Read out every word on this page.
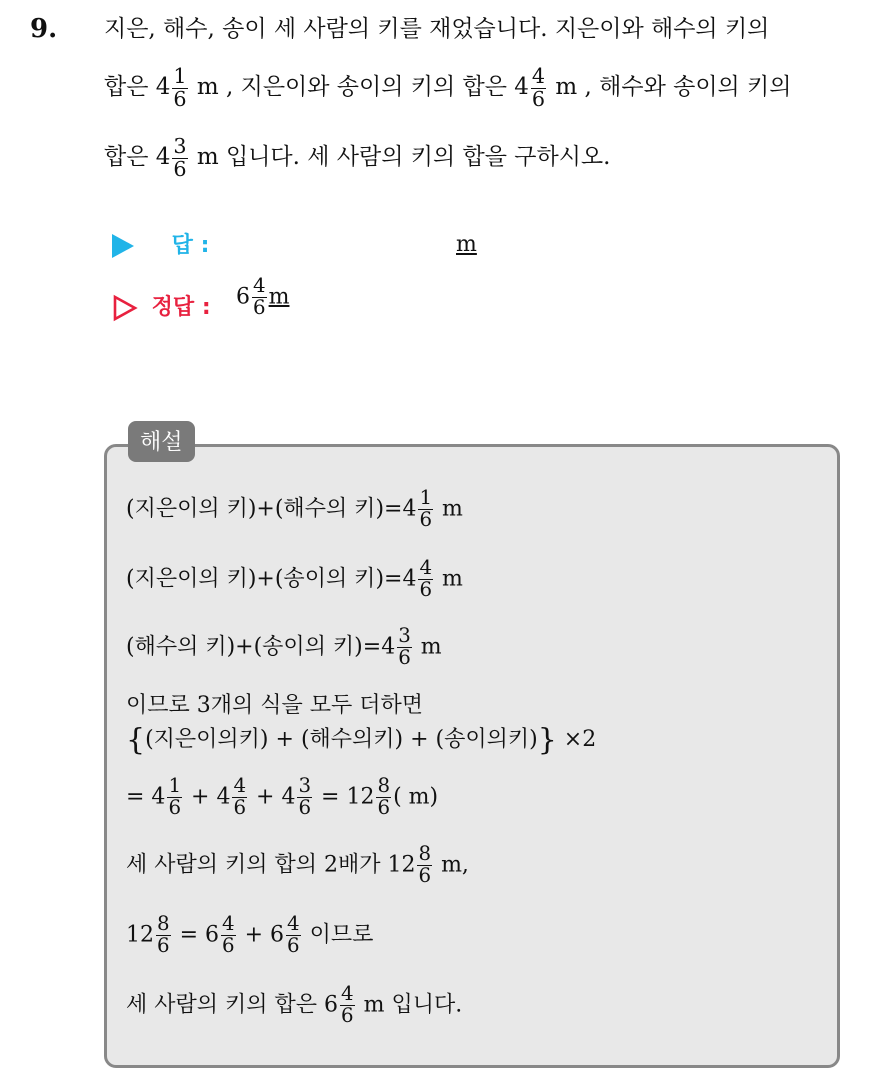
9. 지은, 해수, 송이 세 사람의 키를 재었습니다. 지은이와 해수의 키의
합은 $4 \frac{1}{6}$ m , 지은이와 송이의 키의 합은 $4 \frac{4}{6}$ m , 해수와 송이의 키의
합은 $4 \frac{3}{6}$ m 입니다. 세 사람의 키의 합을 구하시오.
답 :	m
정답 : $6 \frac{4}{6}$ m
해설
(지은이의 키)+(해수의 키)$=4 \frac{1}{6}$ m
(지은이의 키)+(송이의 키)$=4 \frac{4}{6}$ m
(해수의 키)+(송이의 키)$=4 \frac{3}{6}$ m
이므로 3개의 식을 모두 더하면
{(지은이의키) + (해수의키) + (송이의키)} ×2
= $4 \frac{1}{6} + 4 \frac{4}{6} + 4 \frac{3}{6} = 12 \frac{8}{6}$ ( m)
세 사람의 키의 합의 2배가 $12 \frac{8}{6} m$,
$12 \frac{8}{6} = 6 \frac{4}{6} + 6 \frac{4}{6}$ 이므로
세 사람의 키의 합은 $6 \frac{4}{6}$ m 입니다.
